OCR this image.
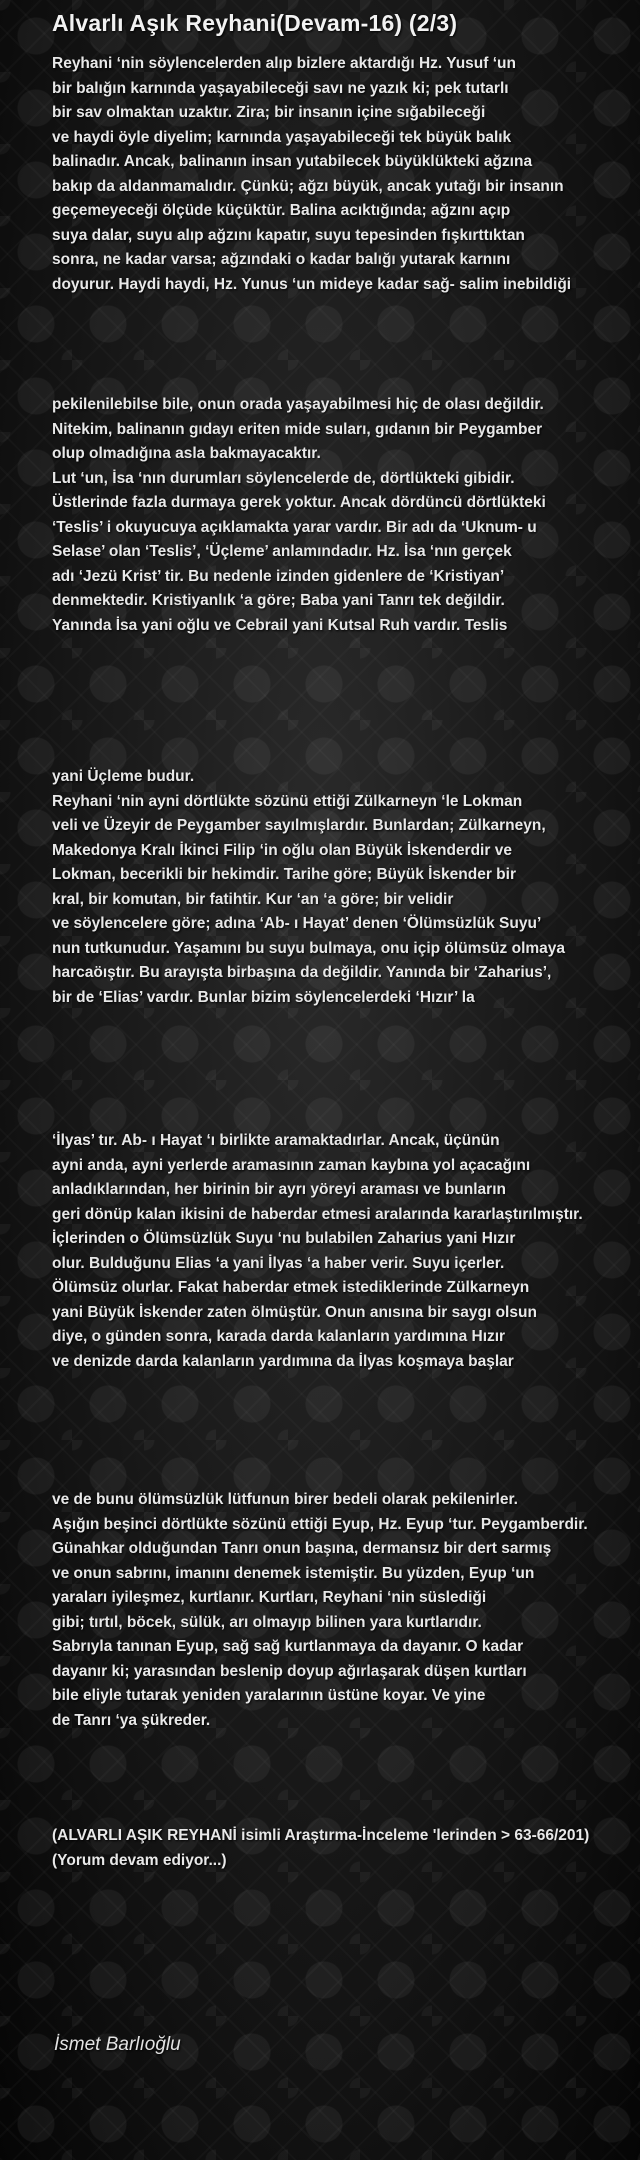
Alvarlı Aşık Reyhani(Devam-16) (2/3)
Reyhani ‘nin söylencelerden alıp bizlere aktardığı Hz. Yusuf ‘un
bir balığın karnında yaşayabileceği savı ne yazık ki; pek tutarlı
bir sav olmaktan uzaktır. Zira; bir insanın içine sığabileceği
ve haydi öyle diyelim; karnında yaşayabileceği tek büyük balık
balinadır. Ancak, balinanın insan yutabilecek büyüklükteki ağzına
bakıp da aldanmamalıdır. Çünkü; ağzı büyük, ancak yutağı bir insanın
geçemeyeceği ölçüde küçüktür. Balina acıktığında; ağzını açıp
suya dalar, suyu alıp ağzını kapatır, suyu tepesinden fışkırttıktan
sonra, ne kadar varsa; ağzındaki o kadar balığı yutarak karnını
doyurur. Haydi haydi, Hz. Yunus ‘un mideye kadar sağ- salim inebildiği
pekilenilebilse bile, onun orada yaşayabilmesi hiç de olası değildir.
Nitekim, balinanın gıdayı eriten mide suları, gıdanın bir Peygamber
olup olmadığına asla bakmayacaktır.
Lut ‘un, İsa ‘nın durumları söylencelerde de, dörtlükteki gibidir.
Üstlerinde fazla durmaya gerek yoktur. Ancak dördüncü dörtlükteki
‘Teslis’ i okuyucuya açıklamakta yarar vardır. Bir adı da ‘Uknum- u
Selase’ olan ‘Teslis’, ‘Üçleme’ anlamındadır. Hz. İsa ‘nın gerçek
adı ‘Jezü Krist’ tir. Bu nedenle izinden gidenlere de ‘Kristiyan’
denmektedir. Kristiyanlık ‘a göre; Baba yani Tanrı tek değildir.
Yanında İsa yani oğlu ve Cebrail yani Kutsal Ruh vardır. Teslis
yani Üçleme budur.
Reyhani ‘nin ayni dörtlükte sözünü ettiği Zülkarneyn ‘le Lokman
veli ve Üzeyir de Peygamber sayılmışlardır. Bunlardan; Zülkarneyn,
Makedonya Kralı İkinci Filip ‘in oğlu olan Büyük İskenderdir ve
Lokman, becerikli bir hekimdir. Tarihe göre; Büyük İskender bir
kral, bir komutan, bir fatihtir. Kur ‘an ‘a göre; bir velidir
ve söylencelere göre; adına ‘Ab- ı Hayat’ denen ‘Ölümsüzlük Suyu’
nun tutkunudur. Yaşamını bu suyu bulmaya, onu içip ölümsüz olmaya
harcaöıştır. Bu arayışta birbaşına da değildir. Yanında bir ‘Zaharius’,
bir de ‘Elias’ vardır. Bunlar bizim söylencelerdeki ‘Hızır’ la
‘İlyas’ tır. Ab- ı Hayat ‘ı birlikte aramaktadırlar. Ancak, üçünün
ayni anda, ayni yerlerde aramasının zaman kaybına yol açacağını
anladıklarından, her birinin bir ayrı yöreyi araması ve bunların
geri dönüp kalan ikisini de haberdar etmesi aralarında kararlaştırılmıştır.
İçlerinden o Ölümsüzlük Suyu ‘nu bulabilen Zaharius yani Hızır
olur. Bulduğunu Elias ‘a yani İlyas ‘a haber verir. Suyu içerler.
Ölümsüz olurlar. Fakat haberdar etmek istediklerinde Zülkarneyn
yani Büyük İskender zaten ölmüştür. Onun anısına bir saygı olsun
diye, o günden sonra, karada darda kalanların yardımına Hızır
ve denizde darda kalanların yardımına da İlyas koşmaya başlar
ve de bunu ölümsüzlük lütfunun birer bedeli olarak pekilenirler.
Aşığın beşinci dörtlükte sözünü ettiği Eyup, Hz. Eyup ‘tur. Peygamberdir.
Günahkar olduğundan Tanrı onun başına, dermansız bir dert sarmış
ve onun sabrını, imanını denemek istemiştir. Bu yüzden, Eyup ‘un
yaraları iyileşmez, kurtlanır. Kurtları, Reyhani ‘nin süslediği
gibi; tırtıl, böcek, sülük, arı olmayıp bilinen yara kurtlarıdır.
Sabrıyla tanınan Eyup, sağ sağ kurtlanmaya da dayanır. O kadar
dayanır ki; yarasından beslenip doyup ağırlaşarak düşen kurtları
bile eliyle tutarak yeniden yaralarının üstüne koyar. Ve yine
de Tanrı ‘ya şükreder.
(ALVARLI AŞIK REYHANİ isimli Araştırma-İnceleme 'lerinden > 63-66/201)
(Yorum devam ediyor...)
İsmet Barlıoğlu
